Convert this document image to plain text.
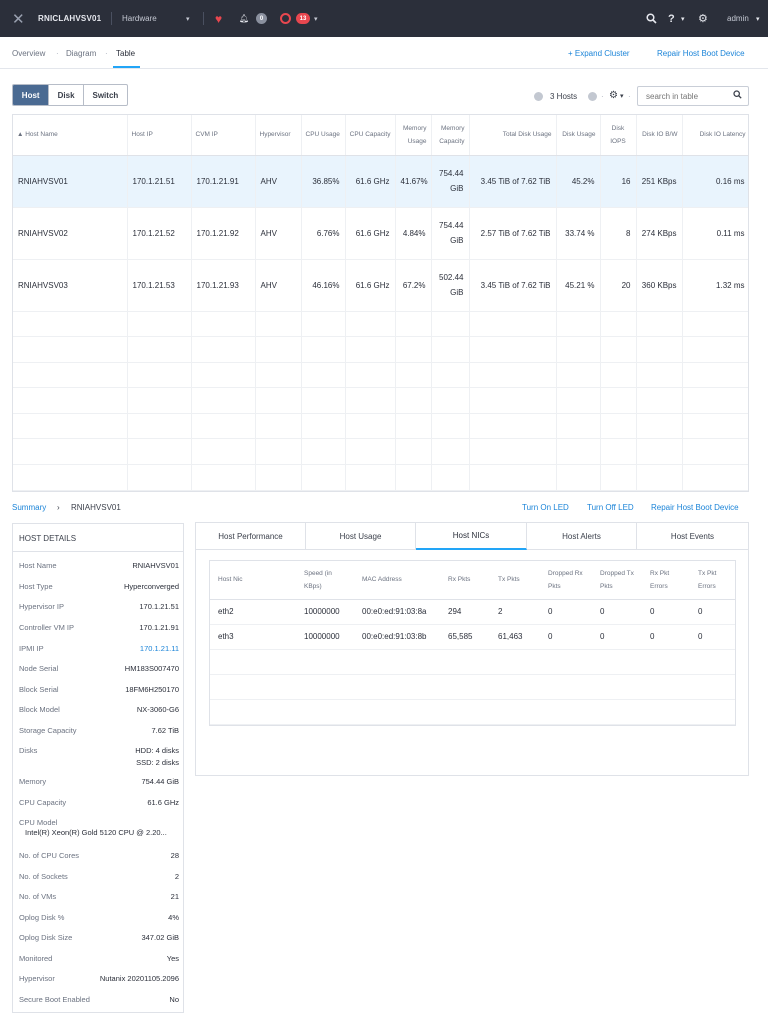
✕ RNICLAHVSV01	Hardware	▾ ♥ 🔔︎	0	13	▾	? ▾ ⚙ admin ▾
Overview · Diagram · Table	+ Expand Cluster	Repair Host Boot Device
Host	Disk	Switch	3 Hosts	· ⚙ ▾ ·
search in table
▲ Host Name	Host IP	CVM IP	Hypervisor	CPU Usage	CPU Capacity	Memory Usage	Memory Capacity	Total Disk Usage	Disk Usage	Disk IOPS	Disk IO B/W	Disk IO Latency
RNIAHVSV01	170.1.21.51	170.1.21.91	AHV	36.85%	61.6 GHz	41.67%	754.44 GiB	3.45 TiB of 7.62 TiB	45.2%	16	251 KBps	0.16 ms
RNIAHVSV02	170.1.21.52	170.1.21.92	AHV	6.76%	61.6 GHz	4.84%	754.44 GiB	2.57 TiB of 7.62 TiB	33.74 %	8	274 KBps	0.11 ms
RNIAHVSV03	170.1.21.53	170.1.21.93	AHV	46.16%	61.6 GHz	67.2%	502.44 GiB	3.45 TiB of 7.62 TiB	45.21 %	20	360 KBps	1.32 ms

Summary › RNIAHVSV01	Turn On LED Turn Off LED Repair Host Boot Device
HOST DETAILS
Host Name	RNIAHVSV01
Host Type	Hyperconverged
Hypervisor IP	170.1.21.51
Controller VM IP	170.1.21.91
IPMI IP	170.1.21.11
Node Serial	HM183S007470
Block Serial	18FM6H250170
Block Model	NX-3060-G6
Storage Capacity	7.62 TiB
Disks	HDD: 4 disks
SSD: 2 disks
Memory	754.44 GiB
CPU Capacity	61.6 GHz
CPU Model
Intel(R) Xeon(R) Gold 5120 CPU @ 2.20...
No. of CPU Cores	28
No. of Sockets	2
No. of VMs	21
Oplog Disk %	4%
Oplog Disk Size	347.02 GiB
Monitored	Yes
Hypervisor	Nutanix 20201105.2096
Secure Boot Enabled	No
Host Performance	Host Usage	Host NICs	Host Alerts	Host Events
Host Nic	Speed (in KBps)	MAC Address	Rx Pkts	Tx Pkts	Dropped Rx Pkts	Dropped Tx Pkts	Rx Pkt Errors	Tx Pkt Errors
eth2	10000000	00:e0:ed:91:03:8a	294	2	0	0	0	0
eth3	10000000	00:e0:ed:91:03:8b	65,585	61,463	0	0	0	0
